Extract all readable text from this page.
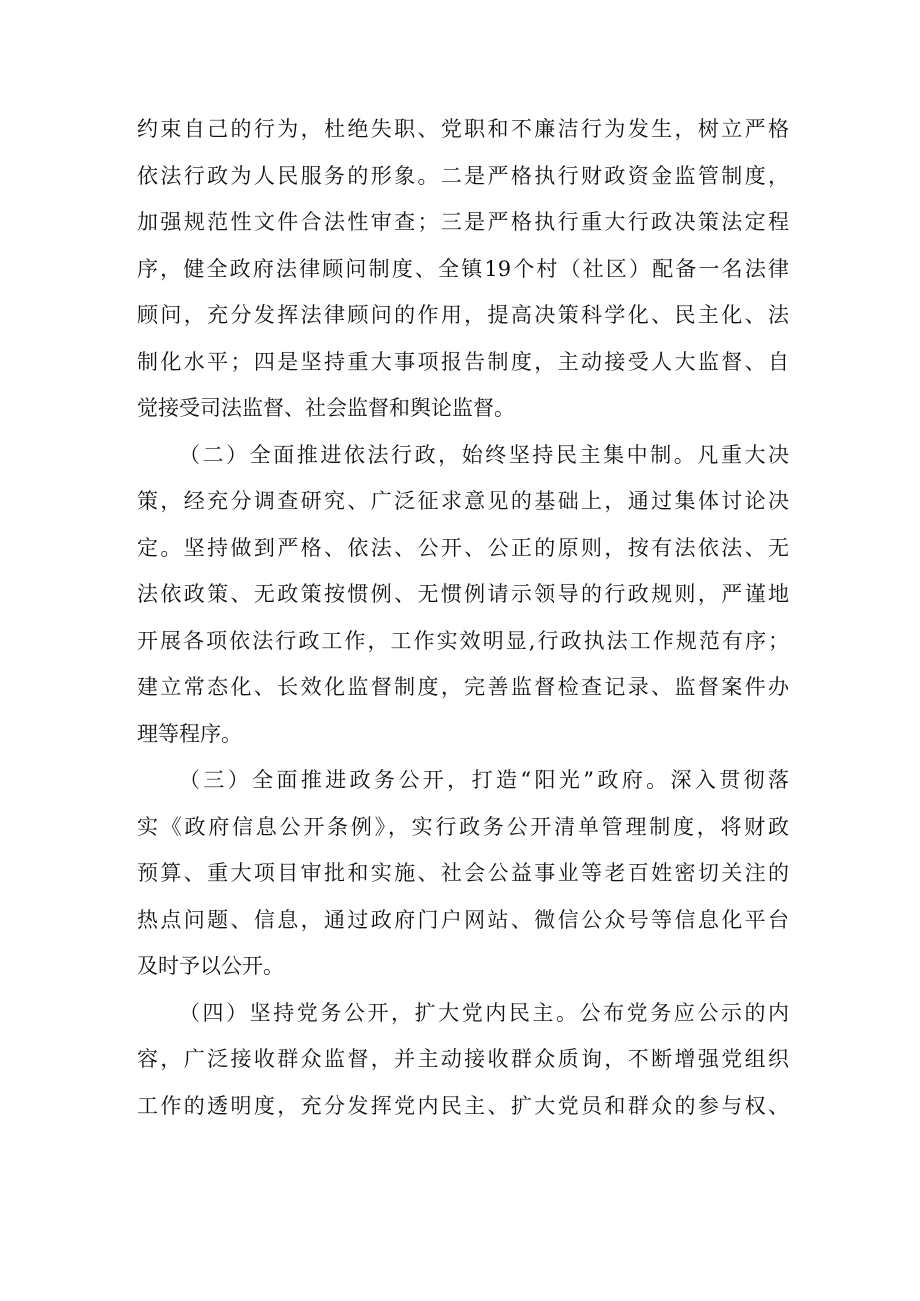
约束自己的行为，杜绝失职、党职和不廉洁行为发生，树立严格
依法行政为人民服务的形象。二是严格执行财政资金监管制度，
加强规范性文件合法性审查；三是严格执行重大行政决策法定程
序，健全政府法律顾问制度、全镇19个村（社区）配备一名法律
顾问，充分发挥法律顾问的作用，提高决策科学化、民主化、法
制化水平；四是坚持重大事项报告制度，主动接受人大监督、自
觉接受司法监督、社会监督和舆论监督。
（二）全面推进依法行政，始终坚持民主集中制。凡重大决
策，经充分调查研究、广泛征求意见的基础上，通过集体讨论决
定。坚持做到严格、依法、公开、公正的原则，按有法依法、无
法依政策、无政策按惯例、无惯例请示领导的行政规则，严谨地
开展各项依法行政工作，工作实效明显,行政执法工作规范有序；
建立常态化、长效化监督制度，完善监督检查记录、监督案件办
理等程序。
（三）全面推进政务公开，打造“阳光”政府。深入贯彻落
实《政府信息公开条例》，实行政务公开清单管理制度，将财政
预算、重大项目审批和实施、社会公益事业等老百姓密切关注的
热点问题、信息，通过政府门户网站、微信公众号等信息化平台
及时予以公开。
（四）坚持党务公开，扩大党内民主。公布党务应公示的内
容，广泛接收群众监督，并主动接收群众质询，不断增强党组织
工作的透明度，充分发挥党内民主、扩大党员和群众的参与权、
